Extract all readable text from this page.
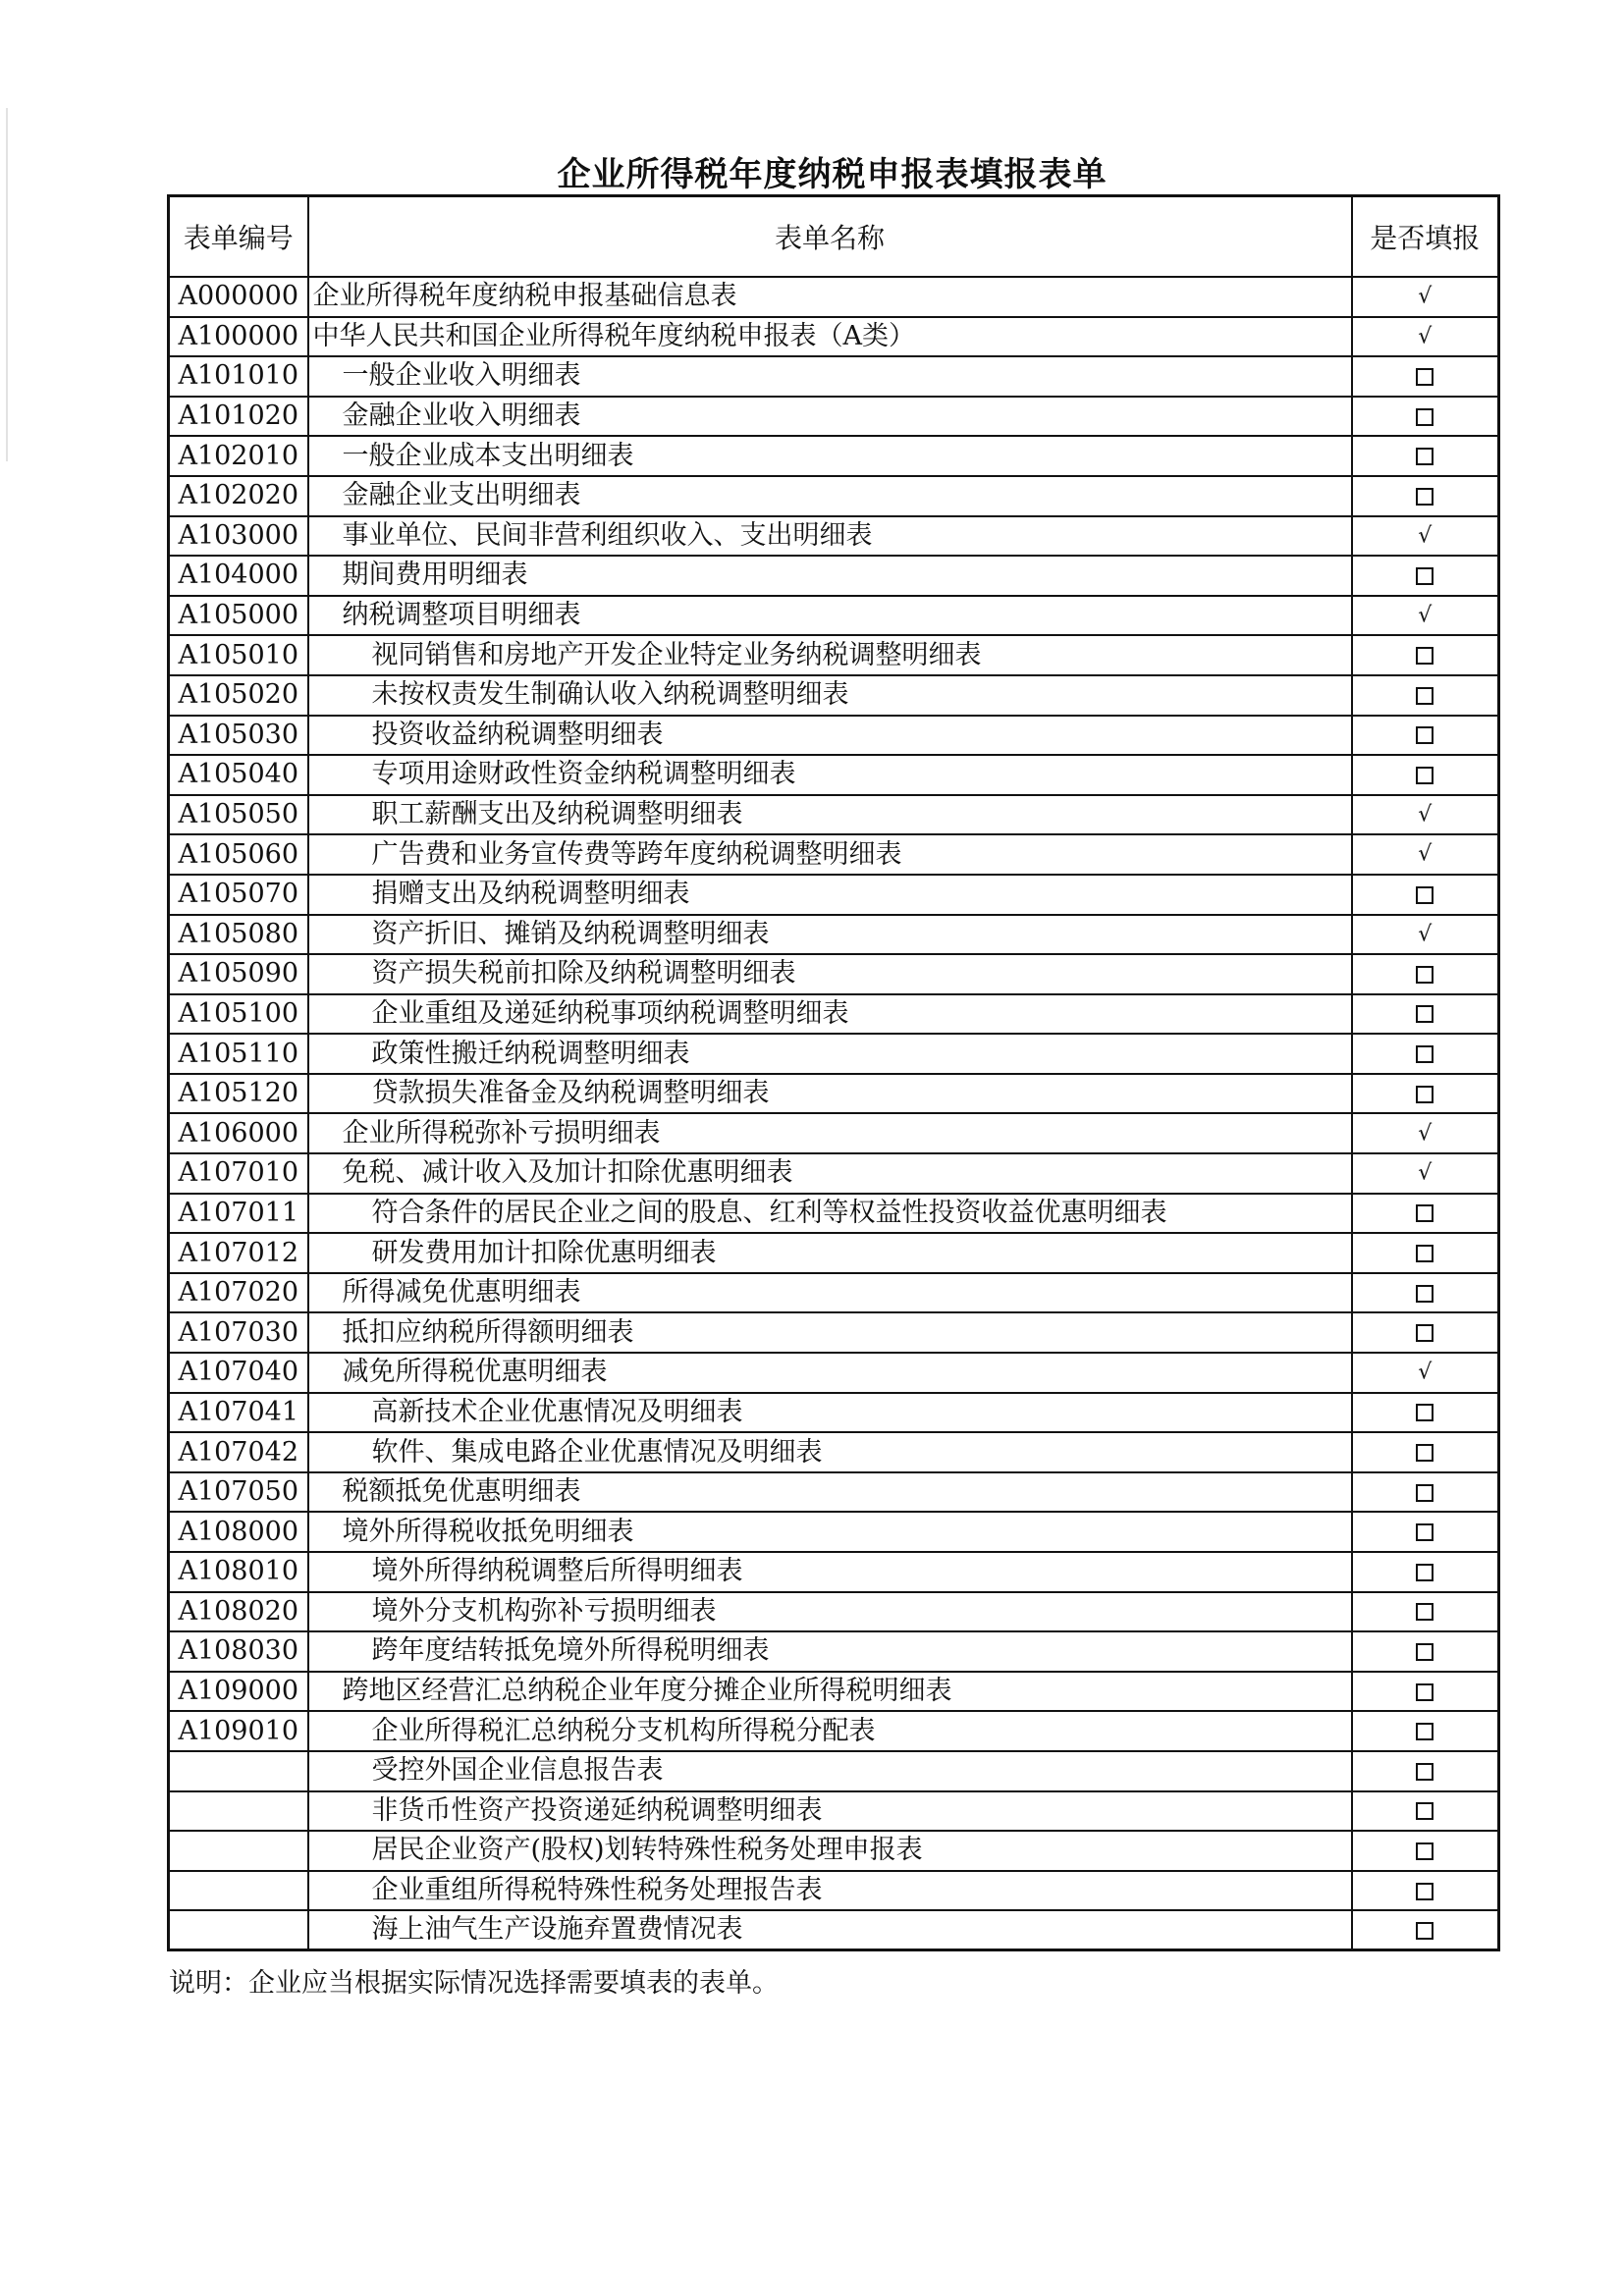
企业所得税年度纳税申报表填报表单
表单编号	表单名称	是否填报
A000000	企业所得税年度纳税申报基础信息表	√
A100000	中华人民共和国企业所得税年度纳税申报表（A类）	√
A101010	一般企业收入明细表	
A101020	金融企业收入明细表	
A102010	一般企业成本支出明细表	
A102020	金融企业支出明细表	
A103000	事业单位、民间非营利组织收入、支出明细表	√
A104000	期间费用明细表	
A105000	纳税调整项目明细表	√
A105010	视同销售和房地产开发企业特定业务纳税调整明细表	
A105020	未按权责发生制确认收入纳税调整明细表	
A105030	投资收益纳税调整明细表	
A105040	专项用途财政性资金纳税调整明细表	
A105050	职工薪酬支出及纳税调整明细表	√
A105060	广告费和业务宣传费等跨年度纳税调整明细表	√
A105070	捐赠支出及纳税调整明细表	
A105080	资产折旧、摊销及纳税调整明细表	√
A105090	资产损失税前扣除及纳税调整明细表	
A105100	企业重组及递延纳税事项纳税调整明细表	
A105110	政策性搬迁纳税调整明细表	
A105120	贷款损失准备金及纳税调整明细表	
A106000	企业所得税弥补亏损明细表	√
A107010	免税、减计收入及加计扣除优惠明细表	√
A107011	符合条件的居民企业之间的股息、红利等权益性投资收益优惠明细表	
A107012	研发费用加计扣除优惠明细表	
A107020	所得减免优惠明细表	
A107030	抵扣应纳税所得额明细表	
A107040	减免所得税优惠明细表	√
A107041	高新技术企业优惠情况及明细表	
A107042	软件、集成电路企业优惠情况及明细表	
A107050	税额抵免优惠明细表	
A108000	境外所得税收抵免明细表	
A108010	境外所得纳税调整后所得明细表	
A108020	境外分支机构弥补亏损明细表	
A108030	跨年度结转抵免境外所得税明细表	
A109000	跨地区经营汇总纳税企业年度分摊企业所得税明细表	
A109010	企业所得税汇总纳税分支机构所得税分配表	
	受控外国企业信息报告表	
	非货币性资产投资递延纳税调整明细表	
	居民企业资产(股权)划转特殊性税务处理申报表	
	企业重组所得税特殊性税务处理报告表	
	海上油气生产设施弃置费情况表	
说明：企业应当根据实际情况选择需要填表的表单。
